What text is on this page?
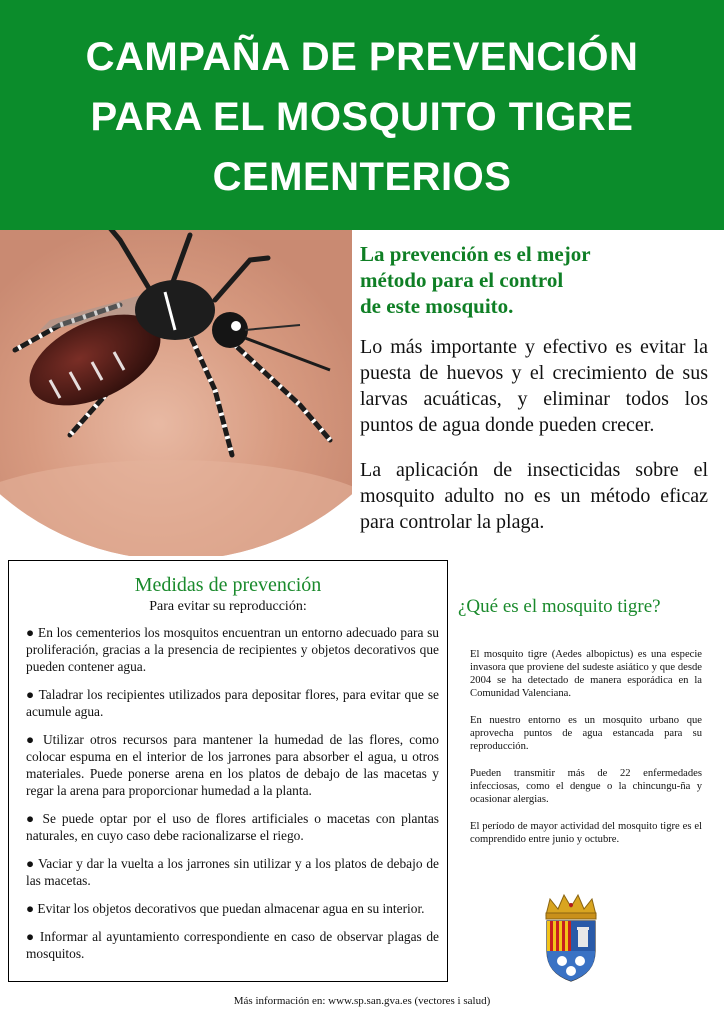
CAMPAÑA DE PREVENCIÓN
PARA EL MOSQUITO TIGRE
CEMENTERIOS
La prevención es el mejor
método para el control
de este mosquito.

Lo más importante y efectivo es evitar la puesta de huevos y el crecimiento de sus larvas acuáticas, y eliminar todos los puntos de agua donde pueden crecer.

La aplicación de insecticidas sobre el mosquito adulto no es un método eficaz para controlar la plaga.

Medidas de prevención
Para evitar su reproducción:

● En los cementerios los mosquitos encuentran un entorno adecuado para su proliferación, gracias a la presencia de recipientes y objetos decorativos que pueden contener agua.

● Taladrar los recipientes utilizados para depositar flores, para evitar que se acumule agua.

● Utilizar otros recursos para mantener la humedad de las flores, como colocar espuma en el interior de los jarrones para absorber el agua, u otros materiales. Puede ponerse arena en los platos de debajo de las macetas y regar la arena para proporcionar humedad a la planta.

● Se puede optar por el uso de flores artificiales o macetas con plantas naturales, en cuyo caso debe racionalizarse el riego.

● Vaciar y dar la vuelta a los jarrones sin utilizar y a los platos de debajo de las macetas.

● Evitar los objetos decorativos que puedan almacenar agua en su interior.

● Informar al ayuntamiento correspondiente en caso de observar plagas de mosquitos.

¿Qué es el mosquito tigre?

El mosquito tigre (Aedes albopictus) es una especie invasora que proviene del sudeste asiático y que desde 2004 se ha detectado de manera esporádica en la Comunidad Valenciana.

En nuestro entorno es un mosquito urbano que aprovecha puntos de agua estancada para su reproducción.

Pueden transmitir más de 22 enfermedades infecciosas, como el dengue o la chincungu-ña y ocasionar alergias.

El período de mayor actividad del mosquito tigre es el comprendido entre junio y octubre.

Más información en: www.sp.san.gva.es (vectores i salud)
